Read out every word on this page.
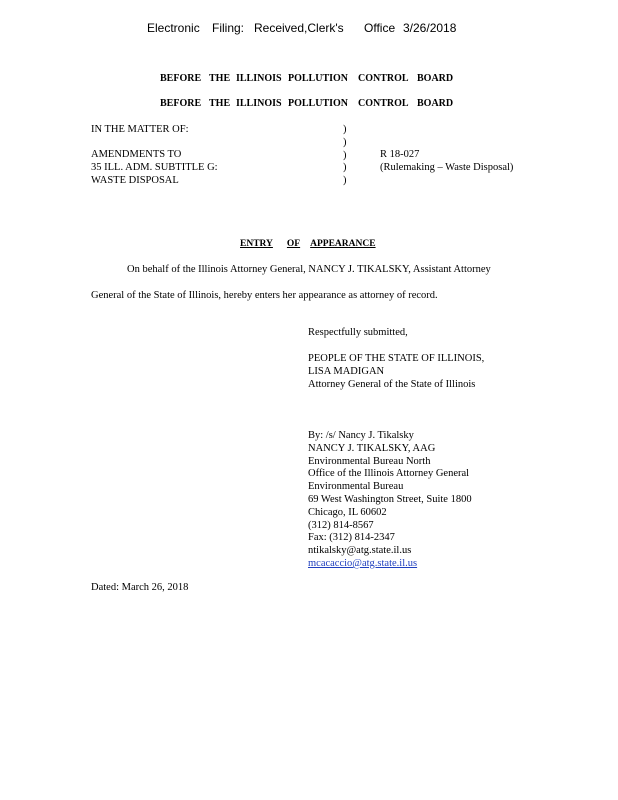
Electronic Filing: Received,Clerk's Office 3/26/2018
BEFORE THE ILLINOIS POLLUTION CONTROL BOARD
BEFORE THE ILLINOIS POLLUTION CONTROL BOARD
IN THE MATTER OF:
AMENDMENTS TO
35 ILL. ADM. SUBTITLE G:
WASTE DISPOSAL
)
)
)
)
)
R 18-027
(Rulemaking – Waste Disposal)
ENTRY OF APPEARANCE
On behalf of the Illinois Attorney General, NANCY J. TIKALSKY, Assistant Attorney
General of the State of Illinois, hereby enters her appearance as attorney of record.
Respectfully submitted,
PEOPLE OF THE STATE OF ILLINOIS,
LISA MADIGAN
Attorney General of the State of Illinois
By: /s/ Nancy J. Tikalsky
NANCY J. TIKALSKY, AAG
Environmental Bureau North
Office of the Illinois Attorney General
Environmental Bureau
69 West Washington Street, Suite 1800
Chicago, IL 60602
(312) 814-8567
Fax: (312) 814-2347
ntikalsky@atg.state.il.us
mcacaccio@atg.state.il.us
Dated: March 26, 2018
